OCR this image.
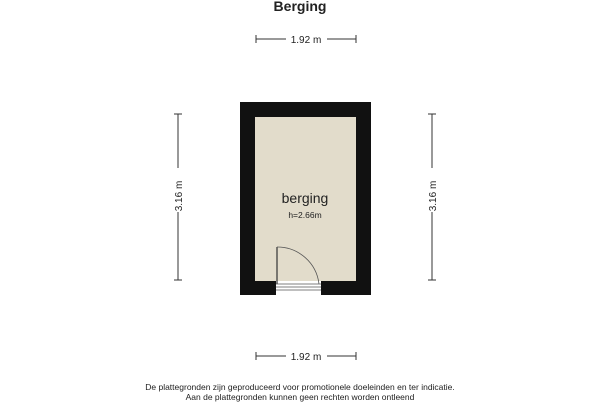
Berging
1.92 m
3.16 m	3.16 m
berging
h=2.66m
1.92 m
De plattegronden zijn geproduceerd voor promotionele doeleinden en ter indicatie.
Aan de plattegronden kunnen geen rechten worden ontleend
